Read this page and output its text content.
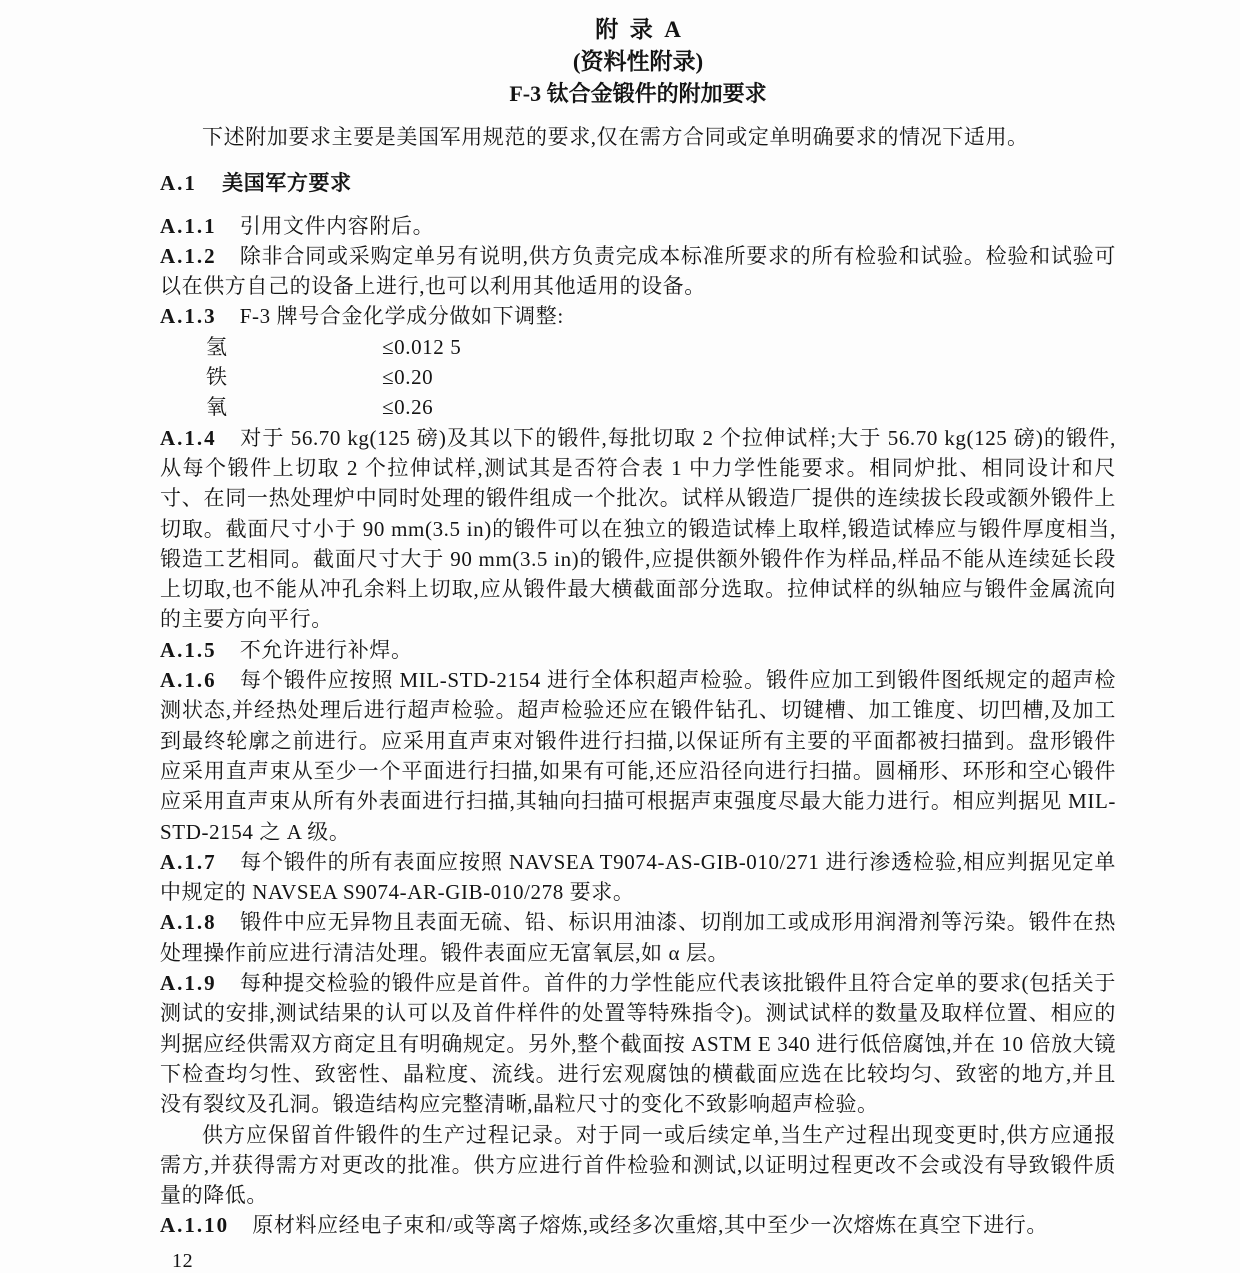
附  录  A
(资料性附录)
F-3 钛合金锻件的附加要求

下述附加要求主要是美国军用规范的要求,仅在需方合同或定单明确要求的情况下适用。

A.1 美国军方要求

A.1.1 引用文件内容附后。

A.1.2 除非合同或采购定单另有说明,供方负责完成本标准所要求的所有检验和试验。检验和试验可以在供方自己的设备上进行,也可以利用其他适用的设备。

A.1.3 F-3 牌号合金化学成分做如下调整:

氢	≤0.012 5
铁	≤0.20
氧	≤0.26

A.1.4 对于 56.70 kg(125 磅)及其以下的锻件,每批切取 2 个拉伸试样;大于 56.70 kg(125 磅)的锻件,从每个锻件上切取 2 个拉伸试样,测试其是否符合表 1 中力学性能要求。相同炉批、相同设计和尺寸、在同一热处理炉中同时处理的锻件组成一个批次。试样从锻造厂提供的连续拔长段或额外锻件上切取。截面尺寸小于 90 mm(3.5 in)的锻件可以在独立的锻造试棒上取样,锻造试棒应与锻件厚度相当,锻造工艺相同。截面尺寸大于 90 mm(3.5 in)的锻件,应提供额外锻件作为样品,样品不能从连续延长段上切取,也不能从冲孔余料上切取,应从锻件最大横截面部分选取。拉伸试样的纵轴应与锻件金属流向的主要方向平行。

A.1.5 不允许进行补焊。

A.1.6 每个锻件应按照 MIL-STD-2154 进行全体积超声检验。锻件应加工到锻件图纸规定的超声检测状态,并经热处理后进行超声检验。超声检验还应在锻件钻孔、切键槽、加工锥度、切凹槽,及加工到最终轮廓之前进行。应采用直声束对锻件进行扫描,以保证所有主要的平面都被扫描到。盘形锻件应采用直声束从至少一个平面进行扫描,如果有可能,还应沿径向进行扫描。圆桶形、环形和空心锻件应采用直声束从所有外表面进行扫描,其轴向扫描可根据声束强度尽最大能力进行。相应判据见 MIL-STD-2154 之 A 级。

A.1.7 每个锻件的所有表面应按照 NAVSEA T9074-AS-GIB-010/271 进行渗透检验,相应判据见定单中规定的 NAVSEA S9074-AR-GIB-010/278 要求。

A.1.8 锻件中应无异物且表面无硫、铅、标识用油漆、切削加工或成形用润滑剂等污染。锻件在热处理操作前应进行清洁处理。锻件表面应无富氧层,如 α 层。

A.1.9 每种提交检验的锻件应是首件。首件的力学性能应代表该批锻件且符合定单的要求(包括关于测试的安排,测试结果的认可以及首件样件的处置等特殊指令)。测试试样的数量及取样位置、相应的判据应经供需双方商定且有明确规定。另外,整个截面按 ASTM E 340 进行低倍腐蚀,并在 10 倍放大镜下检查均匀性、致密性、晶粒度、流线。进行宏观腐蚀的横截面应选在比较均匀、致密的地方,并且没有裂纹及孔洞。锻造结构应完整清晰,晶粒尺寸的变化不致影响超声检验。

供方应保留首件锻件的生产过程记录。对于同一或后续定单,当生产过程出现变更时,供方应通报需方,并获得需方对更改的批准。供方应进行首件检验和测试,以证明过程更改不会或没有导致锻件质量的降低。

A.1.10 原材料应经电子束和/或等离子熔炼,或经多次重熔,其中至少一次熔炼在真空下进行。

12
